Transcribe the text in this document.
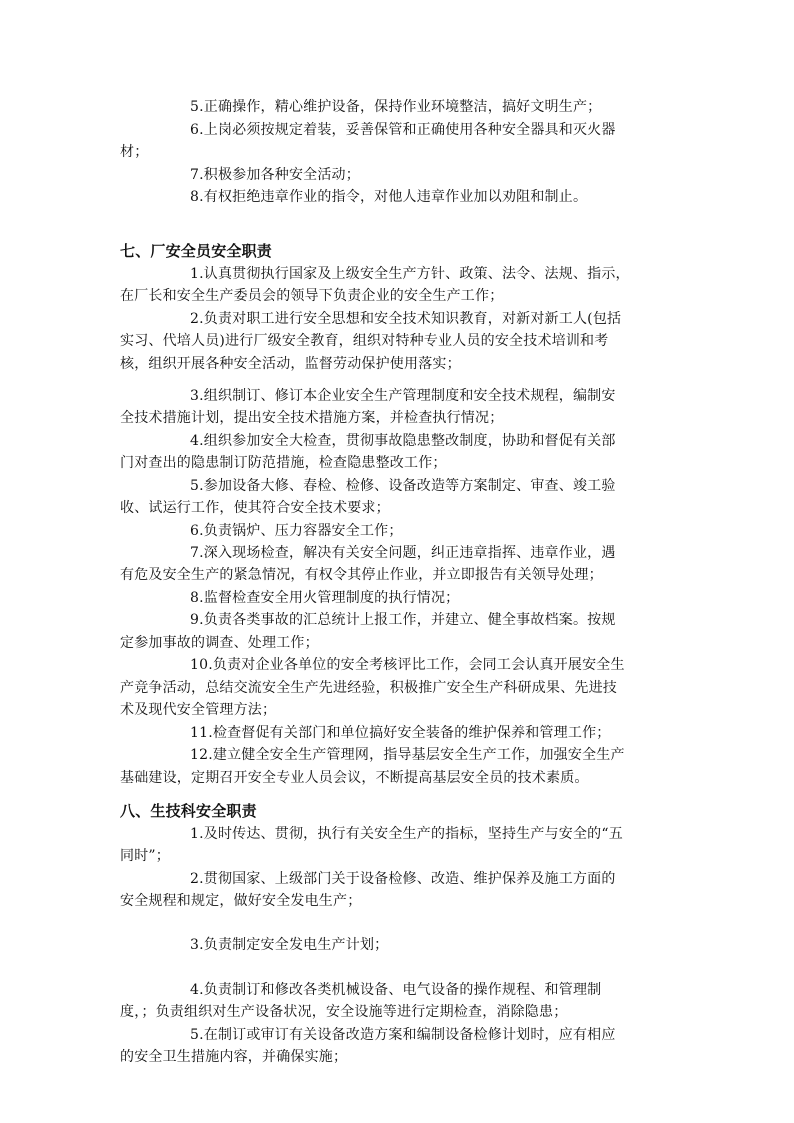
5.正确操作，精心维护设备，保持作业环境整洁，搞好文明生产；
6.上岗必须按规定着装，妥善保管和正确使用各种安全器具和灭火器
材；
7.积极参加各种安全活动；
8.有权拒绝违章作业的指令，对他人违章作业加以劝阻和制止。
七、厂安全员安全职责
1.认真贯彻执行国家及上级安全生产方针、政策、法令、法规、指示，
在厂长和安全生产委员会的领导下负责企业的安全生产工作；
2.负责对职工进行安全思想和安全技术知识教育，对新对新工人(包括
实习、代培人员)进行厂级安全教育，组织对特种专业人员的安全技术培训和考
核，组织开展各种安全活动，监督劳动保护使用落实；
3.组织制订、修订本企业安全生产管理制度和安全技术规程，编制安
全技术措施计划，提出安全技术措施方案，并检查执行情况；
4.组织参加安全大检查，贯彻事故隐患整改制度，协助和督促有关部
门对查出的隐患制订防范措施，检查隐患整改工作；
5.参加设备大修、春检、检修、设备改造等方案制定、审查、竣工验
收、试运行工作，使其符合安全技术要求；
6.负责锅炉、压力容器安全工作；
7.深入现场检查，解决有关安全问题，纠正违章指挥、违章作业，遇
有危及安全生产的紧急情况，有权令其停止作业，并立即报告有关领导处理；
8.监督检查安全用火管理制度的执行情况；
9.负责各类事故的汇总统计上报工作，并建立、健全事故档案。按规
定参加事故的调查、处理工作；
10.负责对企业各单位的安全考核评比工作，会同工会认真开展安全生
产竞争活动，总结交流安全生产先进经验，积极推广安全生产科研成果、先进技
术及现代安全管理方法；
11.检查督促有关部门和单位搞好安全装备的维护保养和管理工作；
12.建立健全安全生产管理网，指导基层安全生产工作，加强安全生产
基础建设，定期召开安全专业人员会议，不断提高基层安全员的技术素质。
八、生技科安全职责
1.及时传达、贯彻，执行有关安全生产的指标，坚持生产与安全的“五
同时”；
2.贯彻国家、上级部门关于设备检修、改造、维护保养及施工方面的
安全规程和规定，做好安全发电生产；
3.负责制定安全发电生产计划；
4.负责制订和修改各类机械设备、电气设备的操作规程、和管理制
度，；负责组织对生产设备状况，安全设施等进行定期检查，消除隐患；
5.在制订或审订有关设备改造方案和编制设备检修计划时，应有相应
的安全卫生措施内容，并确保实施；
